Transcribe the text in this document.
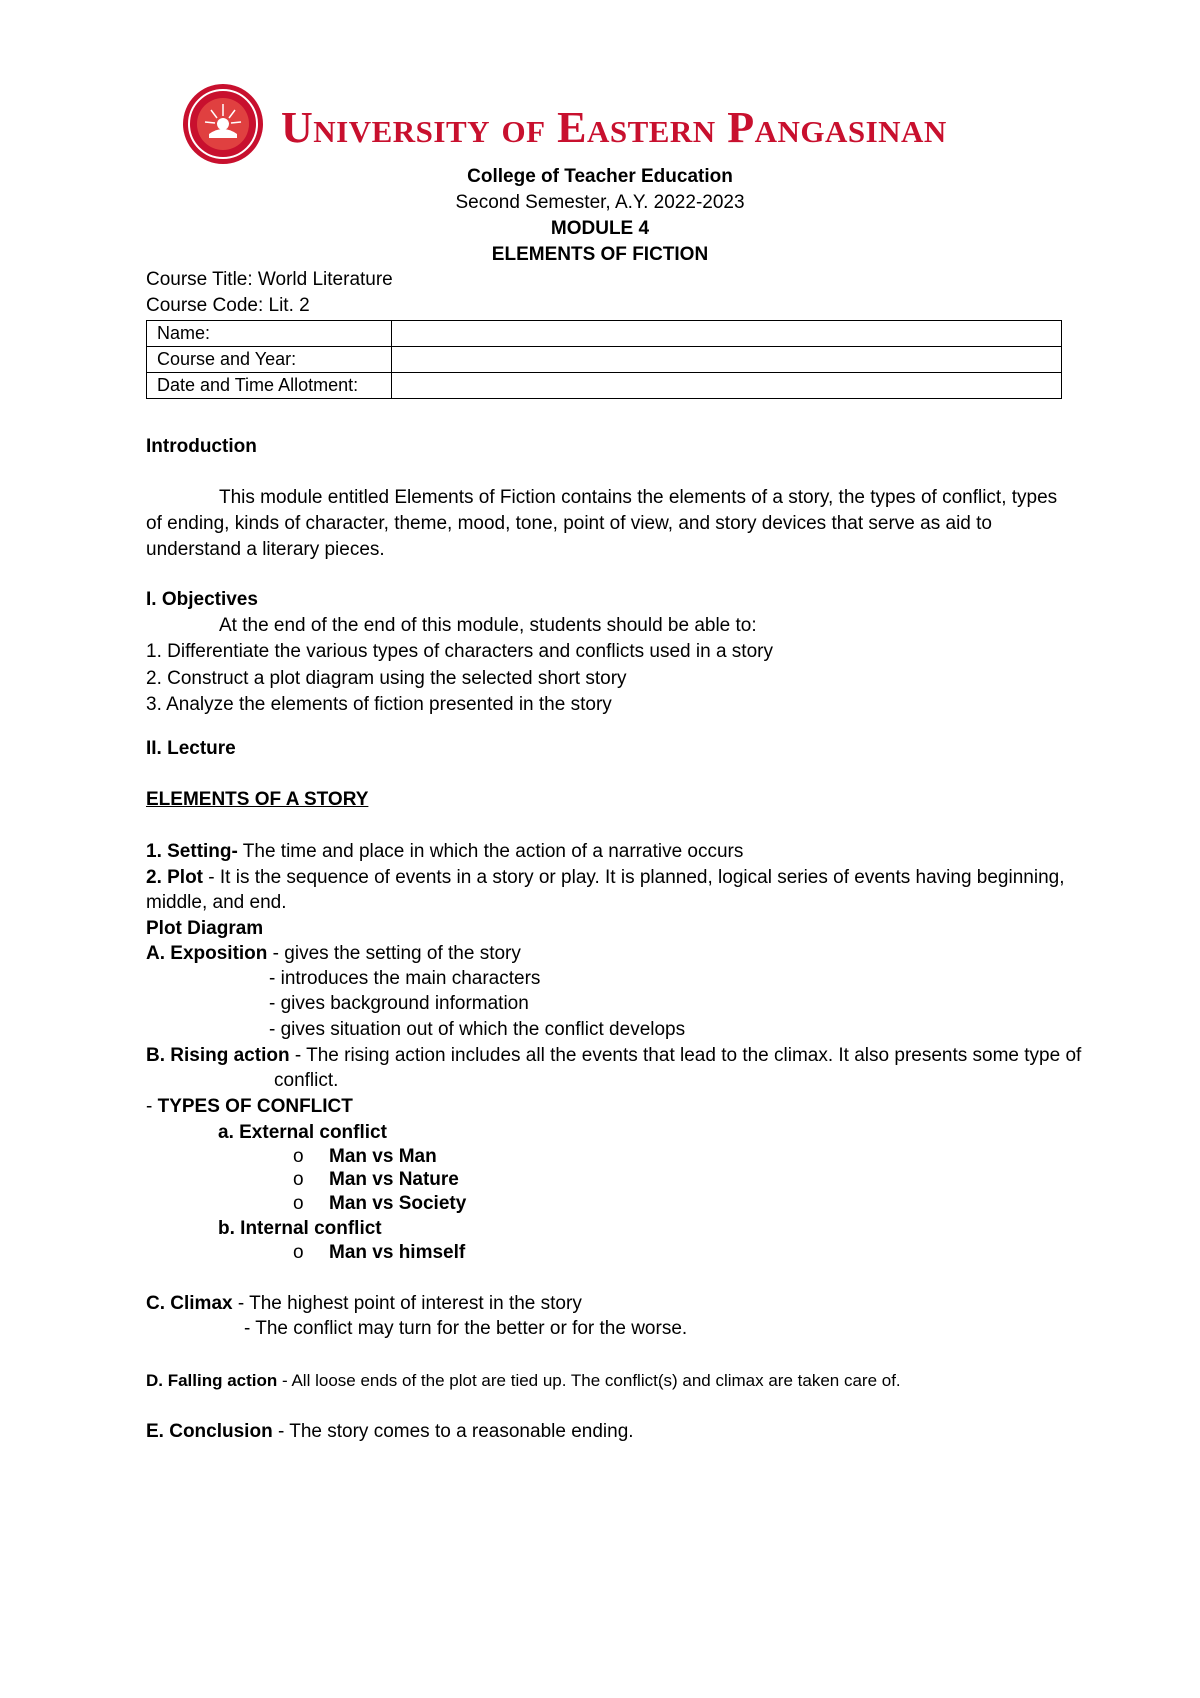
University of Eastern Pangasinan
College of Teacher Education
Second Semester, A.Y. 2022-2023
MODULE 4
ELEMENTS OF FICTION
Course Title: World Literature
Course Code: Lit. 2
Name:	
Course and Year:	
Date and Time Allotment:	
Introduction
This module entitled Elements of Fiction contains the elements of a story, the types of conflict, types of ending, kinds of character, theme, mood, tone, point of view, and story devices that serve as aid to understand a literary pieces.
I. Objectives
At the end of the end of this module, students should be able to:
1. Differentiate the various types of characters and conflicts used in a story
2. Construct a plot diagram using the selected short story
3. Analyze the elements of fiction presented in the story
II. Lecture
ELEMENTS OF A STORY
1. Setting- The time and place in which the action of a narrative occurs
2. Plot - It is the sequence of events in a story or play. It is planned, logical series of events having beginning,
middle, and end.
Plot Diagram
A. Exposition - gives the setting of the story
- introduces the main characters
- gives background information
- gives situation out of which the conflict develops
B. Rising action - The rising action includes all the events that lead to the climax. It also presents some type of
conflict.
- TYPES OF CONFLICT
a. External conflict
o Man vs Man
o Man vs Nature
o Man vs Society
b. Internal conflict
o Man vs himself
C. Climax - The highest point of interest in the story
- The conflict may turn for the better or for the worse.
D. Falling action - All loose ends of the plot are tied up. The conflict(s) and climax are taken care of.
E. Conclusion - The story comes to a reasonable ending.
